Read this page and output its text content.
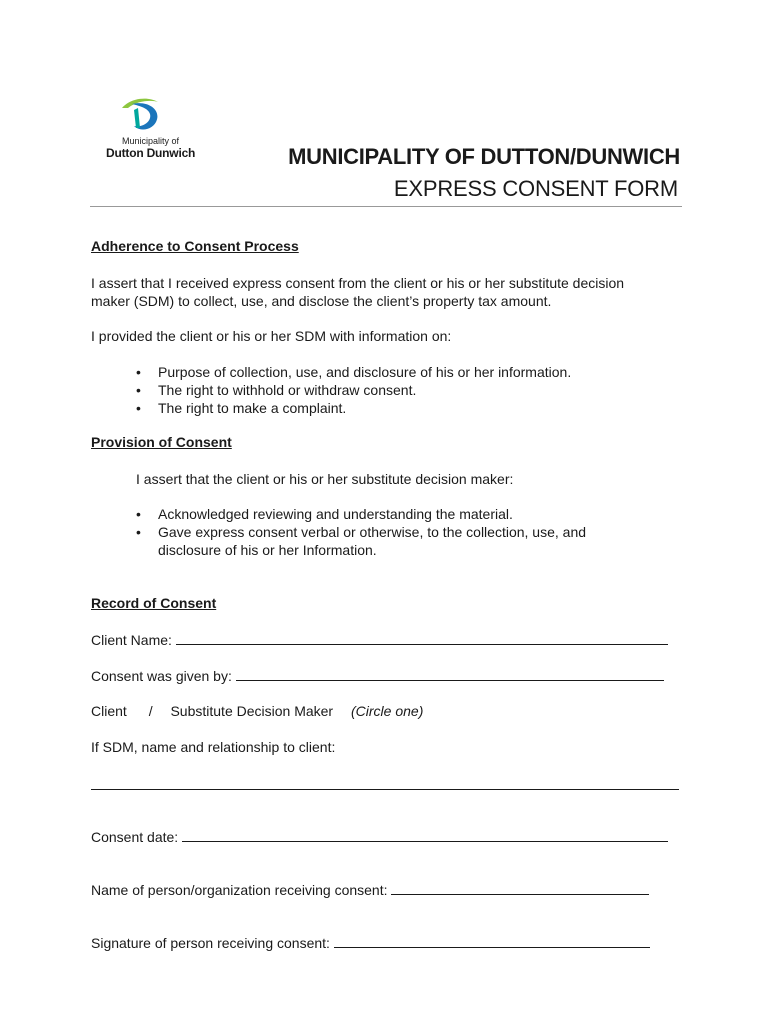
Municipality of
Dutton Dunwich	MUNICIPALITY OF DUTTON/DUNWICH
EXPRESS CONSENT FORM
Adherence to Consent Process
I assert that I received express consent from the client or his or her substitute decision
maker (SDM) to collect, use, and disclose the client’s property tax amount.
I provided the client or his or her SDM with information on:
• Purpose of collection, use, and disclosure of his or her information.
• The right to withhold or withdraw consent.
• The right to make a complaint.
Provision of Consent
I assert that the client or his or her substitute decision maker:
• Acknowledged reviewing and understanding the material.
• Gave express consent verbal or otherwise, to the collection, use, and
disclosure of his or her Information.
Record of Consent
Client Name:
Consent was given by:
Client / Substitute Decision Maker (Circle one)
If SDM, name and relationship to client:
Consent date:
Name of person/organization receiving consent:
Signature of person receiving consent:
